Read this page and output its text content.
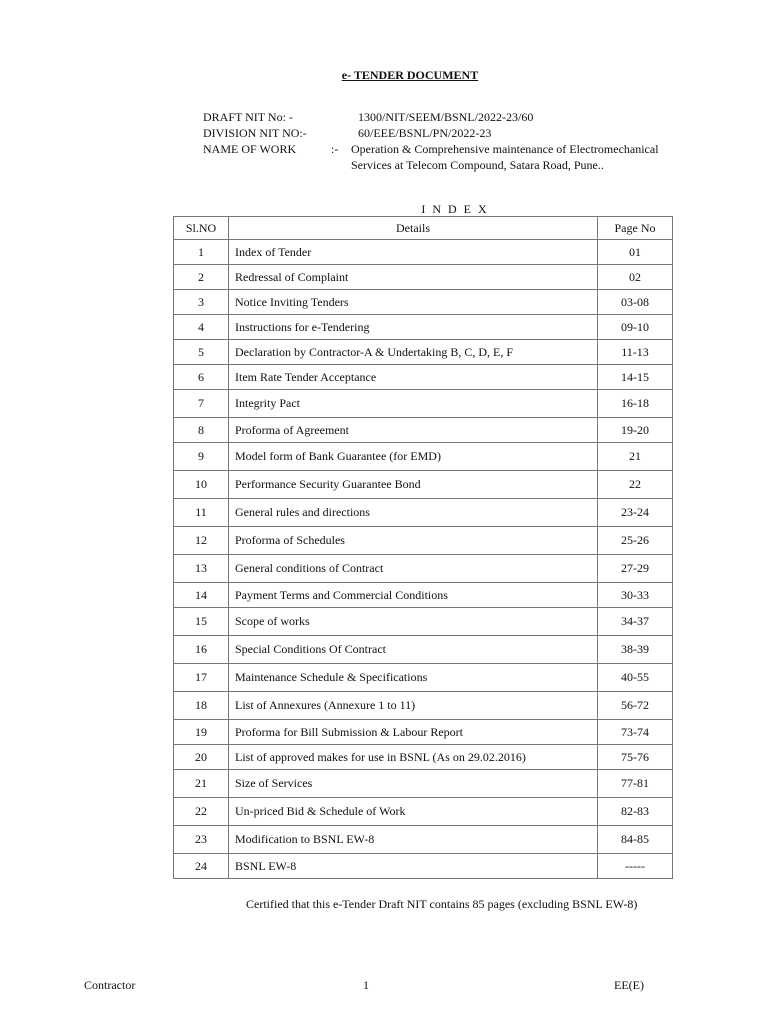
e- TENDER DOCUMENT
DRAFT NIT No: -	1300/NIT/SEEM/BSNL/2022-23/60
DIVISION NIT NO:-	60/EEE/BSNL/PN/2022-23
NAME OF WORK	:- Operation & Comprehensive maintenance of Electromechanical
Services at Telecom Compound, Satara Road, Pune..
I N D E X
Sl.NO	Details	Page No
1	Index of Tender	01
2	Redressal of Complaint	02
3	Notice Inviting Tenders	03-08
4	Instructions for e-Tendering	09-10
5	Declaration by Contractor-A & Undertaking B, C, D, E, F	11-13
6	Item Rate Tender Acceptance	14-15
7	Integrity Pact	16-18
8	Proforma of Agreement	19-20
9	Model form of Bank Guarantee (for EMD)	21
10	Performance Security Guarantee Bond	22
11	General rules and directions	23-24
12	Proforma of Schedules	25-26
13	General conditions of Contract	27-29
14	Payment Terms and Commercial Conditions	30-33
15	Scope of works	34-37
16	Special Conditions Of Contract	38-39
17	Maintenance Schedule & Specifications	40-55
18	List of Annexures (Annexure 1 to 11)	56-72
19	Proforma for Bill Submission & Labour Report	73-74
20	List of approved makes for use in BSNL (As on 29.02.2016)	75-76
21	Size of Services	77-81
22	Un-priced Bid & Schedule of Work	82-83
23	Modification to BSNL EW-8	84-85
24	BSNL EW-8	-----
Certified that this e-Tender Draft NIT contains 85 pages (excluding BSNL EW-8)
Contractor	1	EE(E)
